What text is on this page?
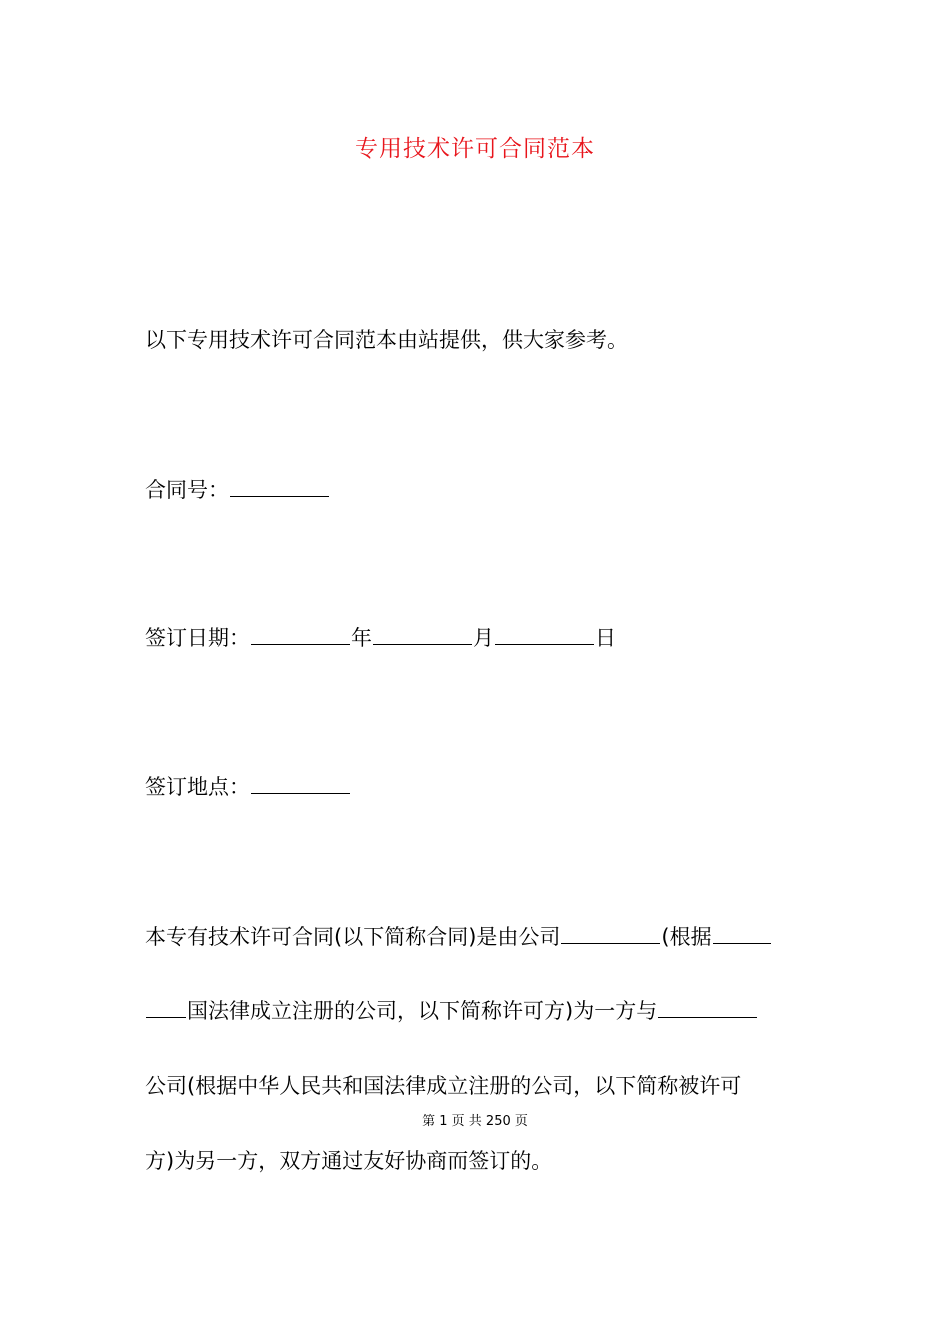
专用技术许可合同范本
以下专用技术许可合同范本由站提供，供大家参考。
合同号：
签订日期：	年	月	日
签订地点：
本专有技术许可合同(以下简称合同)是由公司	(根据
国法律成立注册的公司，以下简称许可方)为一方与
公司(根据中华人民共和国法律成立注册的公司，以下简称被许可
第 1 页 共 250 页
方)为另一方，双方通过友好协商而签订的。
